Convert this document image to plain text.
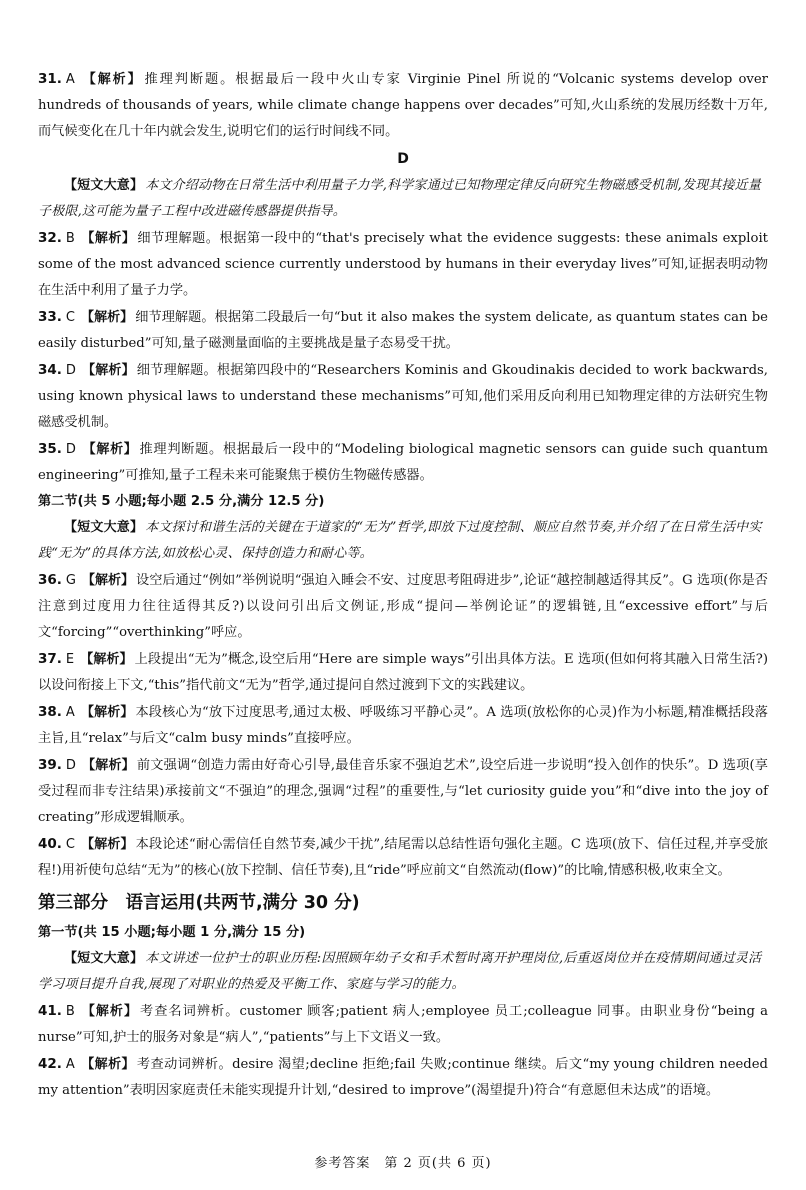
31. A 【解析】 推理判断题。根据最后一段中火山专家 Virginie Pinel 所说的“Volcanic systems develop over hundreds of thousands of years, while climate change happens over decades”可知,火山系统的发展历经数十万年,而气候变化在几十年内就会发生,说明它们的运行时间线不同。

D

【短文大意】 本文介绍动物在日常生活中利用量子力学,科学家通过已知物理定律反向研究生物磁感受机制,发现其接近量子极限,这可能为量子工程中改进磁传感器提供指导。

32. B 【解析】 细节理解题。根据第一段中的“that's precisely what the evidence suggests: these animals exploit some of the most advanced science currently understood by humans in their everyday lives”可知,证据表明动物在生活中利用了量子力学。

33. C 【解析】 细节理解题。根据第二段最后一句“but it also makes the system delicate, as quantum states can be easily disturbed”可知,量子磁测量面临的主要挑战是量子态易受干扰。

34. D 【解析】 细节理解题。根据第四段中的“Researchers Kominis and Gkoudinakis decided to work backwards, using known physical laws to understand these mechanisms”可知,他们采用反向利用已知物理定律的方法研究生物磁感受机制。

35. D 【解析】 推理判断题。根据最后一段中的“Modeling biological magnetic sensors can guide such quantum engineering”可推知,量子工程未来可能聚焦于模仿生物磁传感器。

第二节(共 5 小题;每小题 2.5 分,满分 12.5 分)

【短文大意】 本文探讨和谐生活的关键在于道家的“无为”哲学,即放下过度控制、顺应自然节奏,并介绍了在日常生活中实践“无为”的具体方法,如放松心灵、保持创造力和耐心等。

36. G 【解析】 设空后通过“例如”举例说明“强迫入睡会不安、过度思考阻碍进步”,论证“越控制越适得其反”。G 选项(你是否注意到过度用力往往适得其反?)以设问引出后文例证,形成“提问—举例论证”的逻辑链,且“excessive effort”与后文“forcing”“overthinking”呼应。

37. E 【解析】 上段提出“无为”概念,设空后用“Here are simple ways”引出具体方法。E 选项(但如何将其融入日常生活?)以设问衔接上下文,“this”指代前文“无为”哲学,通过提问自然过渡到下文的实践建议。

38. A 【解析】 本段核心为“放下过度思考,通过太极、呼吸练习平静心灵”。A 选项(放松你的心灵)作为小标题,精准概括段落主旨,且“relax”与后文“calm busy minds”直接呼应。

39. D 【解析】 前文强调“创造力需由好奇心引导,最佳音乐家不强迫艺术”,设空后进一步说明“投入创作的快乐”。D 选项(享受过程而非专注结果)承接前文“不强迫”的理念,强调“过程”的重要性,与“let curiosity guide you”和“dive into the joy of creating”形成逻辑顺承。

40. C 【解析】 本段论述“耐心需信任自然节奏,减少干扰”,结尾需以总结性语句强化主题。C 选项(放下、信任过程,并享受旅程!)用祈使句总结“无为”的核心(放下控制、信任节奏),且“ride”呼应前文“自然流动(flow)”的比喻,情感积极,收束全文。

第三部分　语言运用(共两节,满分 30 分)

第一节(共 15 小题;每小题 1 分,满分 15 分)

【短文大意】 本文讲述一位护士的职业历程:因照顾年幼子女和手术暂时离开护理岗位,后重返岗位并在疫情期间通过灵活学习项目提升自我,展现了对职业的热爱及平衡工作、家庭与学习的能力。

41. B 【解析】 考查名词辨析。customer 顾客;patient 病人;employee 员工;colleague 同事。由职业身份“being a nurse”可知,护士的服务对象是“病人”,“patients”与上下文语义一致。

42. A 【解析】 考查动词辨析。desire 渴望;decline 拒绝;fail 失败;continue 继续。后文“my young children needed my attention”表明因家庭责任未能实现提升计划,“desired to improve”(渴望提升)符合“有意愿但未达成”的语境。

参考答案　第 2 页(共 6 页)
